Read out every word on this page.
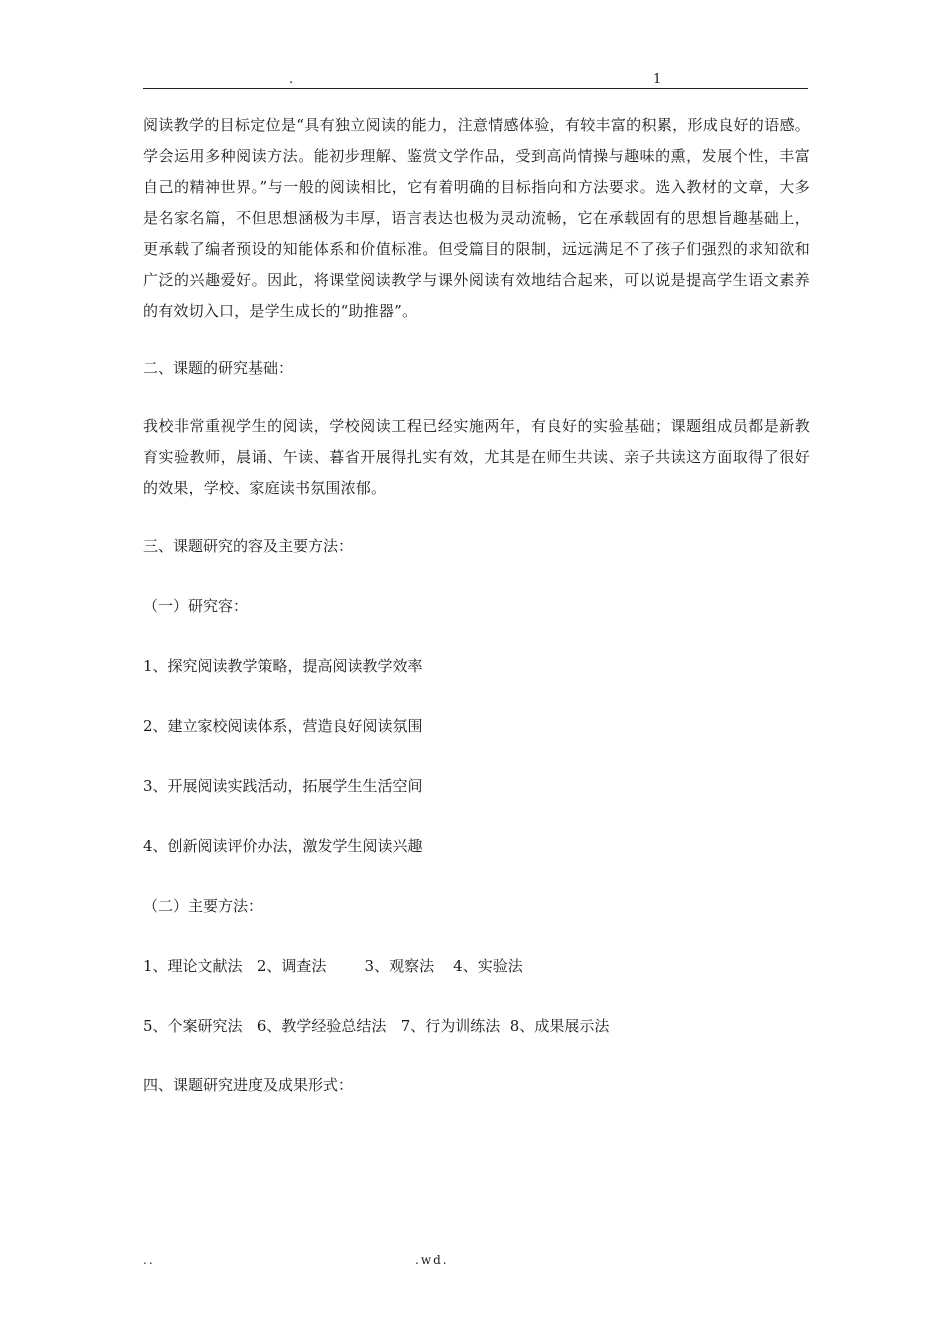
.	1

阅读教学的目标定位是“具有独立阅读的能力，注意情感体验，有较丰富的积累，形成良好的语感。学会运用多种阅读方法。能初步理解、鉴赏文学作品，受到高尚情操与趣味的熏，发展个性，丰富自己的精神世界。”与一般的阅读相比，它有着明确的目标指向和方法要求。选入教材的文章，大多是名家名篇，不但思想涵极为丰厚，语言表达也极为灵动流畅，它在承载固有的思想旨趣基础上，更承载了编者预设的知能体系和价值标准。但受篇目的限制，远远满足不了孩子们强烈的求知欲和广泛的兴趣爱好。因此，将课堂阅读教学与课外阅读有效地结合起来，可以说是提高学生语文素养的有效切入口，是学生成长的“助推器”。

二、课题的研究基础：

我校非常重视学生的阅读，学校阅读工程已经实施两年，有良好的实验基础；课题组成员都是新教育实验教师，晨诵、午读、暮省开展得扎实有效，尤其是在师生共读、亲子共读这方面取得了很好的效果，学校、家庭读书氛围浓郁。

三、课题研究的容及主要方法：

（一）研究容：

1、探究阅读教学策略，提高阅读教学效率

2、建立家校阅读体系，营造良好阅读氛围

3、开展阅读实践活动，拓展学生生活空间

4、创新阅读评价办法，激发学生阅读兴趣

（二）主要方法：

1、理论文献法   2、调查法        3、观察法    4、实验法

5、个案研究法   6、教学经验总结法   7、行为训练法  8、成果展示法

四、课题研究进度及成果形式：

..	.wd.
